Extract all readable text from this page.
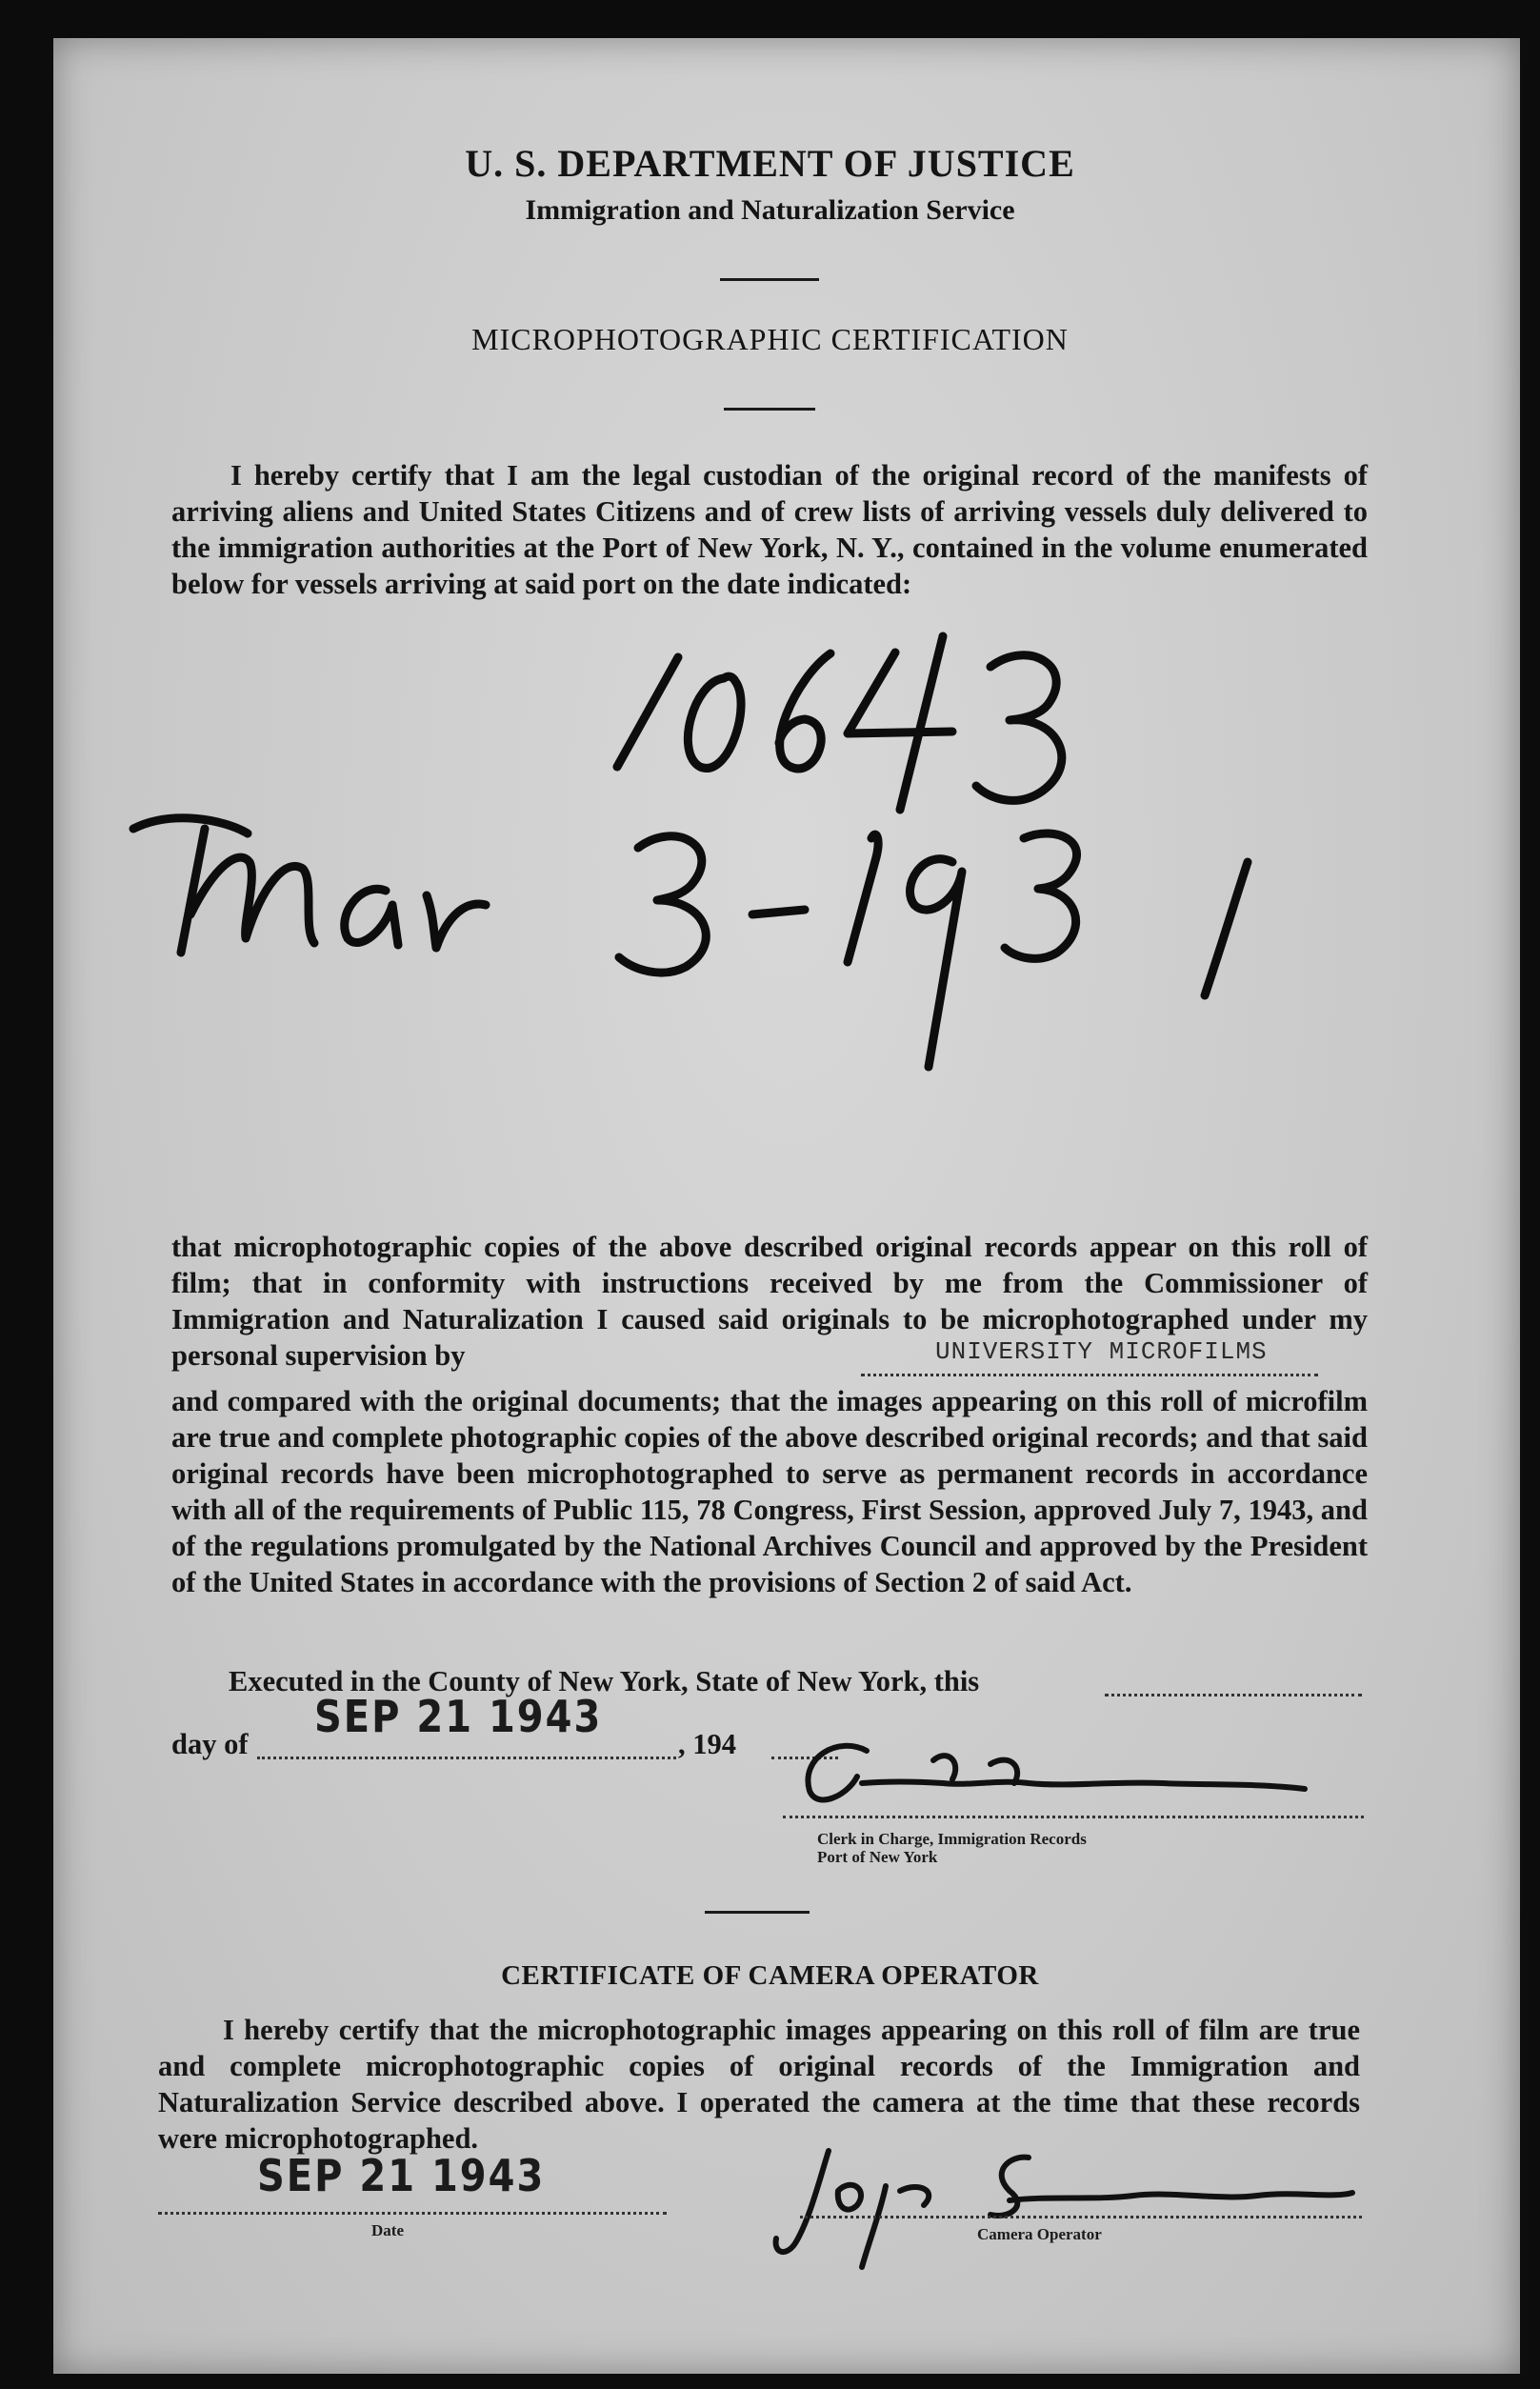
U. S. DEPARTMENT OF JUSTICE
Immigration and Naturalization Service
MICROPHOTOGRAPHIC CERTIFICATION

I hereby certify that I am the legal custodian of the original record of the manifests of arriving aliens and United States Citizens and of crew lists of arriving vessels duly delivered to the immigration authorities at the Port of New York, N. Y., contained in the volume enumerated below for vessels arriving at said port on the date indicated:

that microphotographic copies of the above described original records appear on this roll of film; that in conformity with instructions received by me from the Commissioner of Immigration and Naturalization I caused said originals to be microphotographed under my personal supervision by	UNIVERSITY MICROFILMS

and compared with the original documents; that the images appearing on this roll of microfilm are true and complete photographic copies of the above described original records; and that said original records have been microphotographed to serve as permanent records in accordance with all of the requirements of Public 115, 78 Congress, First Session, approved July 7, 1943, and of the regulations promulgated by the National Archives Council and approved by the President of the United States in accordance with the provisions of Section 2 of said Act.

Executed in the County of New York, State of New York, this
day of
SEP 21 1943
, 194
Clerk in Charge, Immigration Records
Port of New York
CERTIFICATE OF CAMERA OPERATOR

I hereby certify that the microphotographic images appearing on this roll of film are true and complete microphotographic copies of original records of the Immigration and Naturalization Service described above. I operated the camera at the time that these records were microphotographed.

SEP 21 1943
Date	Camera Operator
